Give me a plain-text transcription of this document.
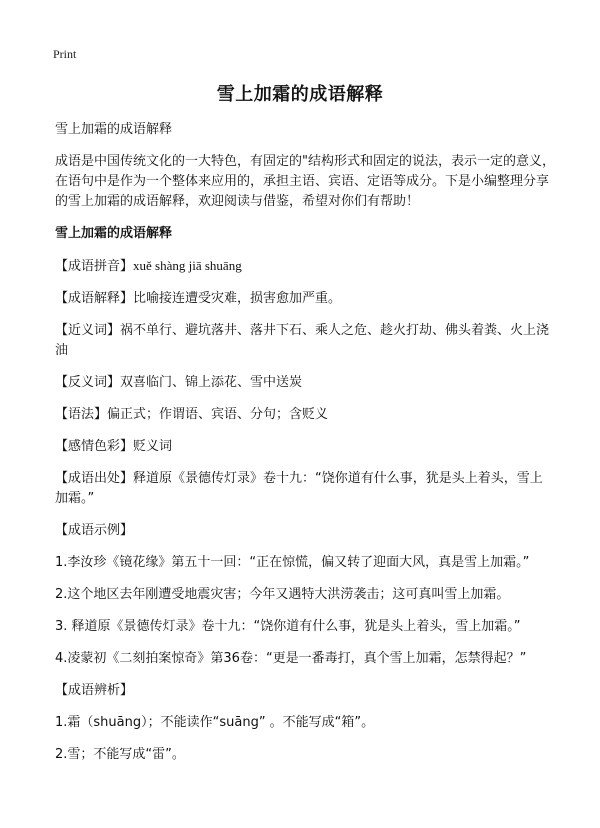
Print
雪上加霜的成语解释

雪上加霜的成语解释

成语是中国传统文化的一大特色，有固定的"结构形式和固定的说法，表示一定的意义，在语句中是作为一个整体来应用的，承担主语、宾语、定语等成分。下是小编整理分享的雪上加霜的成语解释，欢迎阅读与借鉴，希望对你们有帮助！

雪上加霜的成语解释

【成语拼音】xuě shàng jiā shuāng

【成语解释】比喻接连遭受灾难，损害愈加严重。

【近义词】祸不单行、避坑落井、落井下石、乘人之危、趁火打劫、佛头着粪、火上浇油

【反义词】双喜临门、锦上添花、雪中送炭

【语法】偏正式；作谓语、宾语、分句；含贬义

【感情色彩】贬义词

【成语出处】释道原《景德传灯录》卷十九：“饶你道有什么事，犹是头上着头，雪上加霜。”

【成语示例】

1.李汝珍《镜花缘》第五十一回：“正在惊慌，偏又转了迎面大风，真是雪上加霜。”

2.这个地区去年刚遭受地震灾害；今年又遇特大洪涝袭击；这可真叫雪上加霜。

3. 释道原《景德传灯录》卷十九：“饶你道有什么事，犹是头上着头，雪上加霜。”

4.凌蒙初《二刻拍案惊奇》第36卷：“更是一番毒打，真个雪上加霜，怎禁得起？”

【成语辨析】

1.霜（shuāng）；不能读作“suāng” 。不能写成“箱”。

2.雪；不能写成“雷”。
